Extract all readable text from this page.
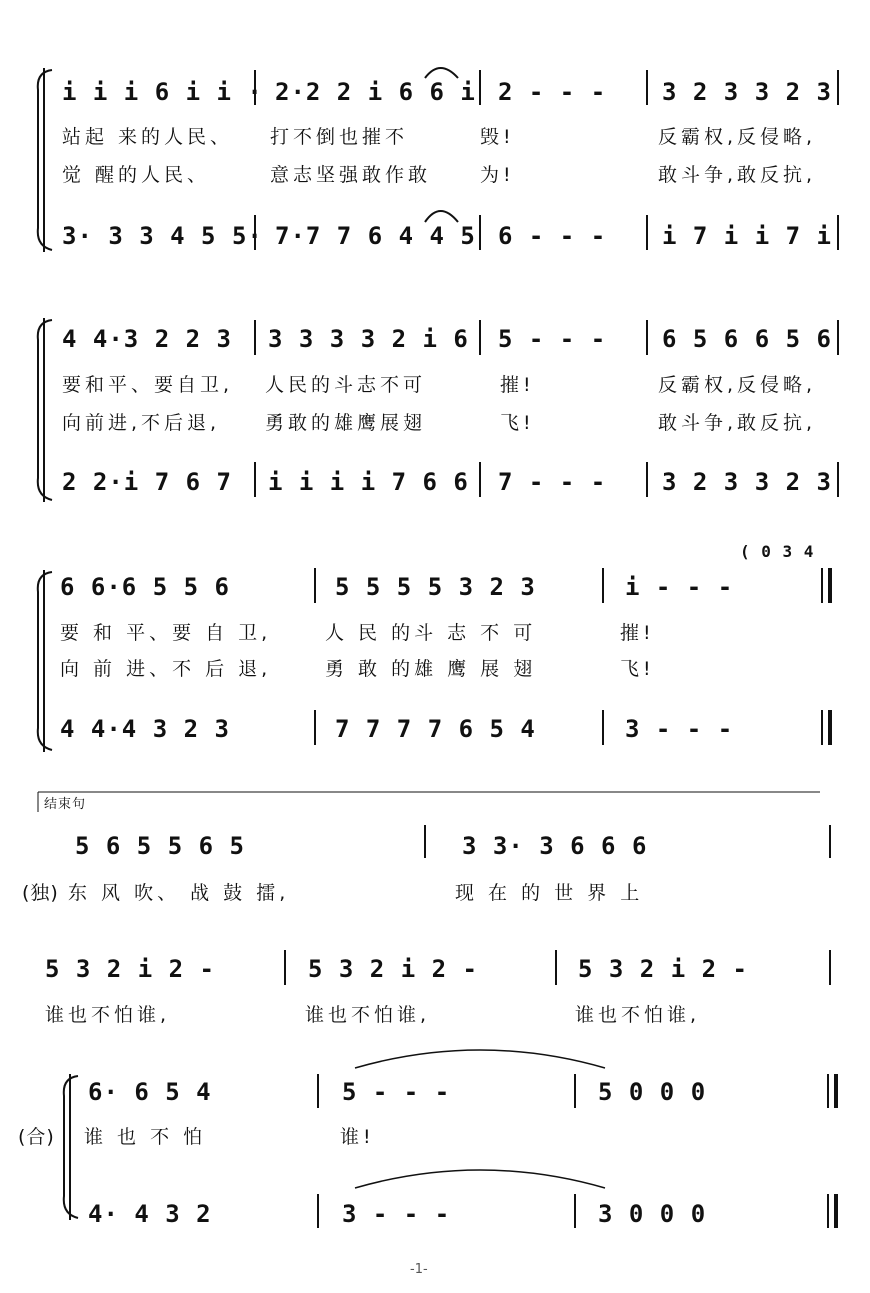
i i i 6 i i · 2·2 2 i 6 6 i 2 - - - 3 2 3 3 2 3
站起 来的人民、 打不倒也摧不	毁!	反霸权,反侵略,
觉 醒的人民、	意志坚强敢作敢	为!	敢斗争,敢反抗,
3· 3 3 4 5 5· 7·7 7 6 4 4 5 6 - - - i 7 i i 7 i
4 4·3 2 2 3 3 3 3 3 2 i 6 5 - - - 6 5 6 6 5 6
要和平、要自卫, 人民的斗志不可	摧!	反霸权,反侵略,
向前进,不后退, 勇敢的雄鹰展翅	飞!	敢斗争,敢反抗,
2 2·i 7 6 7 i i i i 7 6 6 7 - - - 3 2 3 3 2 3
( 0 3 4
6 6·6 5 5 6	5 5 5 5 3 2 3	i - - -
要 和 平、要 自 卫,	人 民 的斗 志 不 可	摧!
向 前 进、不 后 退,	勇 敢 的雄 鹰 展 翅	飞!
4 4·4 3 2 3	7 7 7 7 6 5 4	3 - - -
结束句
5 6 5 5 6 5	3 3· 3 6 6 6
(独) 东 风 吹、 战 鼓 擂,	现 在 的 世 界 上
5 3 2 i 2 -	5 3 2 i 2 -	5 3 2 i 2 -
谁也不怕谁,	谁也不怕谁,	谁也不怕谁,
6· 6 5 4	5 - - -	5 0 0 0
(合) 谁 也 不 怕	谁!
4· 4 3 2	3 - - -	3 0 0 0
-1-
